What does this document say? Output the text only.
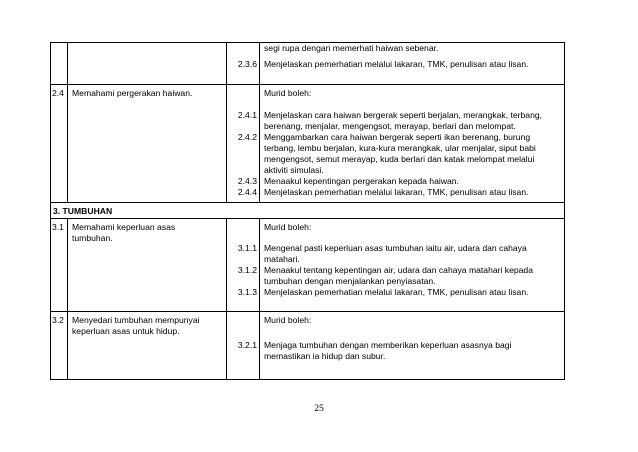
segi rupa dengan memerhati haiwan sebenar.
2.3.6 Menjelaskan pemerhatian melalui lakaran, TMK, penulisan atau lisan.
2.4 Memahami pergerakan haiwan.	Murid boleh:
2.4.1 Menjelaskan cara haiwan bergerak seperti berjalan, merangkak, terbang,
berenang, menjalar, mengengsot, merayap, berlari dan melompat.
2.4.2 Menggambarkan cara haiwan bergerak seperti ikan berenang, burung
terbang, lembu berjalan, kura-kura merangkak, ular menjalar, siput babi
mengengsot, semut merayap, kuda berlari dan katak melompat melalui
aktiviti simulasi.
2.4.3 Menaakul kepentingan pergerakan kepada haiwan.
2.4.4 Menjelaskan pemerhatian melalui lakaran, TMK, penulisan atau lisan.
3. TUMBUHAN
3.1 Memahami keperluan asas
tumbuhan.
Murid boleh:
3.1.1 Mengenal pasti keperluan asas tumbuhan iaitu air, udara dan cahaya
matahari.
3.1.2 Menaakul tentang kepentingan air, udara dan cahaya matahari kepada
tumbuhan dengan menjalankan penyiasatan.
3.1.3 Menjelaskan pemerhatian melalui lakaran, TMK, penulisan atau lisan.
3.2 Menyedari tumbuhan mempunyai
keperluan asas untuk hidup.
Murid boleh:
3.2.1 Menjaga tumbuhan dengan memberikan keperluan asasnya bagi
memastikan ia hidup dan subur.
25
